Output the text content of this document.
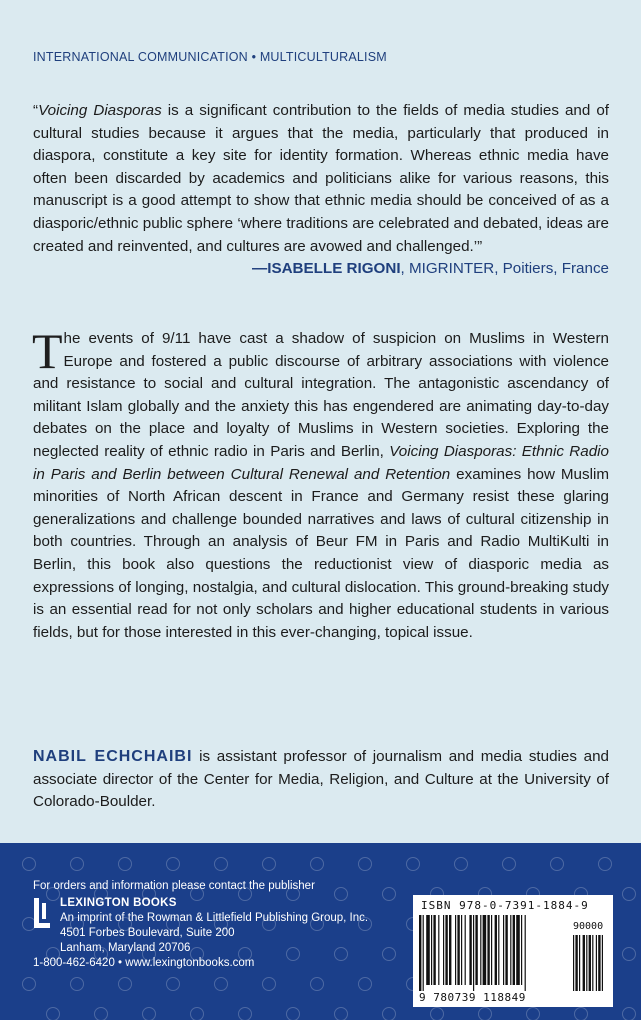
INTERNATIONAL COMMUNICATION • MULTICULTURALISM
“Voicing Diasporas is a significant contribution to the fields of media studies and of cultural studies because it argues that the media, particularly that produced in diaspora, constitute a key site for identity formation. Whereas ethnic media have often been discarded by academics and politicians alike for various reasons, this manuscript is a good attempt to show that ethnic media should be conceived of as a diasporic/ethnic public sphere ‘where traditions are celebrated and debated, ideas are created and reinvented, and cultures are avowed and challenged.’”
—ISABELLE RIGONI, MIGRINTER, Poitiers, France
The events of 9/11 have cast a shadow of suspicion on Muslims in Western Europe and fostered a public discourse of arbitrary associations with violence and resistance to social and cultural integration. The antagonistic ascendancy of militant Islam globally and the anxiety this has engendered are animating day-to-day debates on the place and loyalty of Muslims in Western societies. Exploring the neglected reality of ethnic radio in Paris and Berlin, Voicing Diasporas: Ethnic Radio in Paris and Berlin between Cultural Renewal and Retention examines how Muslim minorities of North African descent in France and Germany resist these glaring generalizations and challenge bounded narratives and laws of cultural citizenship in both countries. Through an analysis of Beur FM in Paris and Radio MultiKulti in Berlin, this book also questions the reductionist view of diasporic media as expressions of longing, nostalgia, and cultural dislocation. This ground-breaking study is an essential read for not only scholars and higher educational students in various fields, but for those interested in this ever-changing, topical issue.
NABIL ECHCHAIBI is assistant professor of journalism and media studies and associate director of the Center for Media, Religion, and Culture at the University of Colorado-Boulder.
For orders and information please contact the publisher
LEXINGTON BOOKS
An imprint of the Rowman & Littlefield Publishing Group, Inc.
4501 Forbes Boulevard, Suite 200
Lanham, Maryland 20706
1-800-462-6420 • www.lexingtonbooks.com
ISBN 978-0-7391-1884-9
90000
9 780739 118849
